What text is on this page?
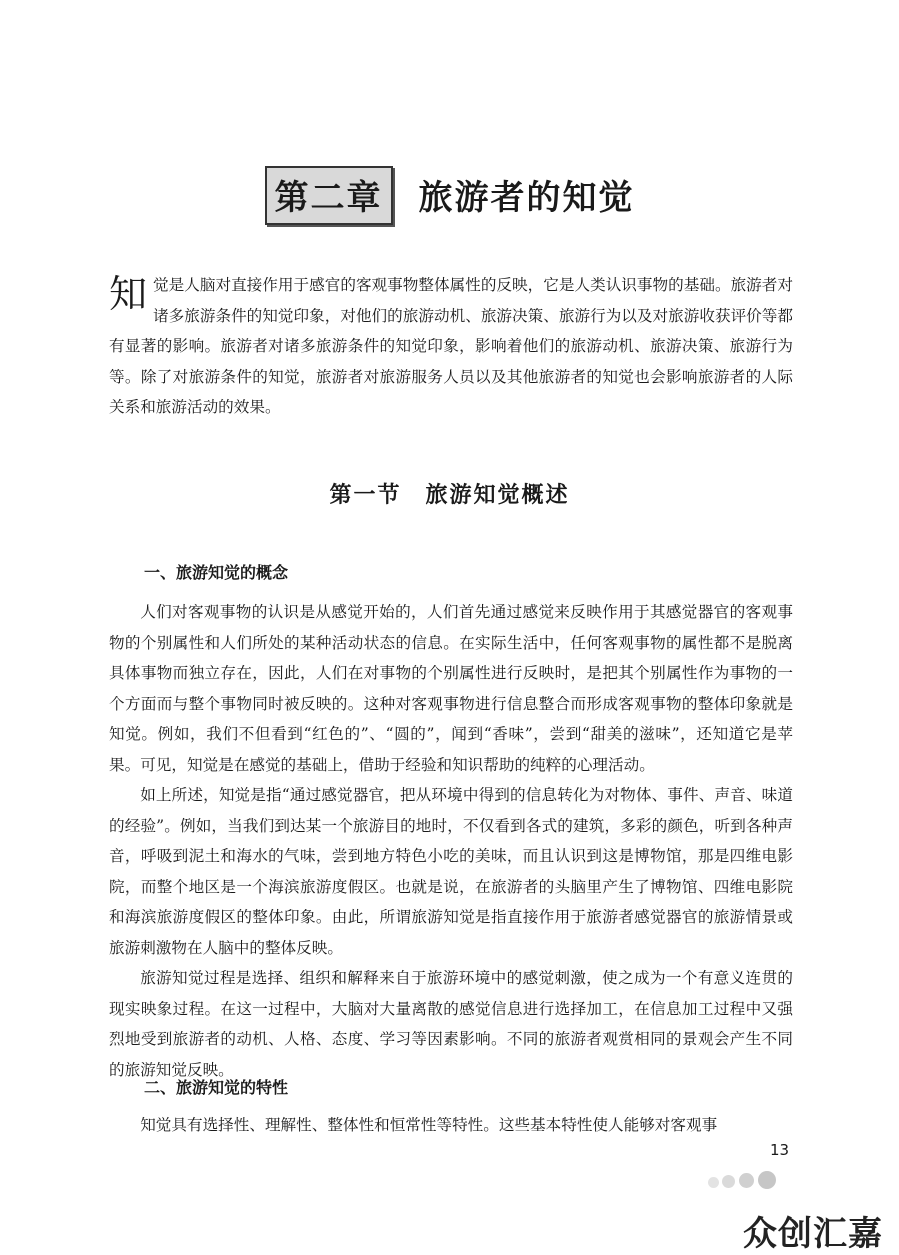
第二章 旅游者的知觉
知觉是人脑对直接作用于感官的客观事物整体属性的反映，它是人类认识事物的基础。旅游者对诸多旅游条件的知觉印象，对他们的旅游动机、旅游决策、旅游行为以及对旅游收获评价等都有显著的影响。旅游者对诸多旅游条件的知觉印象，影响着他们的旅游动机、旅游决策、旅游行为等。除了对旅游条件的知觉，旅游者对旅游服务人员以及其他旅游者的知觉也会影响旅游者的人际关系和旅游活动的效果。
第一节　旅游知觉概述
一、旅游知觉的概念

人们对客观事物的认识是从感觉开始的，人们首先通过感觉来反映作用于其感觉器官的客观事物的个别属性和人们所处的某种活动状态的信息。在实际生活中，任何客观事物的属性都不是脱离具体事物而独立存在，因此，人们在对事物的个别属性进行反映时，是把其个别属性作为事物的一个方面而与整个事物同时被反映的。这种对客观事物进行信息整合而形成客观事物的整体印象就是知觉。例如，我们不但看到“红色的”、“圆的”，闻到“香味”，尝到“甜美的滋味”，还知道它是苹果。可见，知觉是在感觉的基础上，借助于经验和知识帮助的纯粹的心理活动。

如上所述，知觉是指“通过感觉器官，把从环境中得到的信息转化为对物体、事件、声音、味道的经验”。例如，当我们到达某一个旅游目的地时，不仅看到各式的建筑，多彩的颜色，听到各种声音，呼吸到泥土和海水的气味，尝到地方特色小吃的美味，而且认识到这是博物馆，那是四维电影院，而整个地区是一个海滨旅游度假区。也就是说，在旅游者的头脑里产生了博物馆、四维电影院和海滨旅游度假区的整体印象。由此，所谓旅游知觉是指直接作用于旅游者感觉器官的旅游情景或旅游刺激物在人脑中的整体反映。

旅游知觉过程是选择、组织和解释来自于旅游环境中的感觉刺激，使之成为一个有意义连贯的现实映象过程。在这一过程中，大脑对大量离散的感觉信息进行选择加工，在信息加工过程中又强烈地受到旅游者的动机、人格、态度、学习等因素影响。不同的旅游者观赏相同的景观会产生不同的旅游知觉反映。

二、旅游知觉的特性

知觉具有选择性、理解性、整体性和恒常性等特性。这些基本特性使人能够对客观事

13
众创汇嘉
